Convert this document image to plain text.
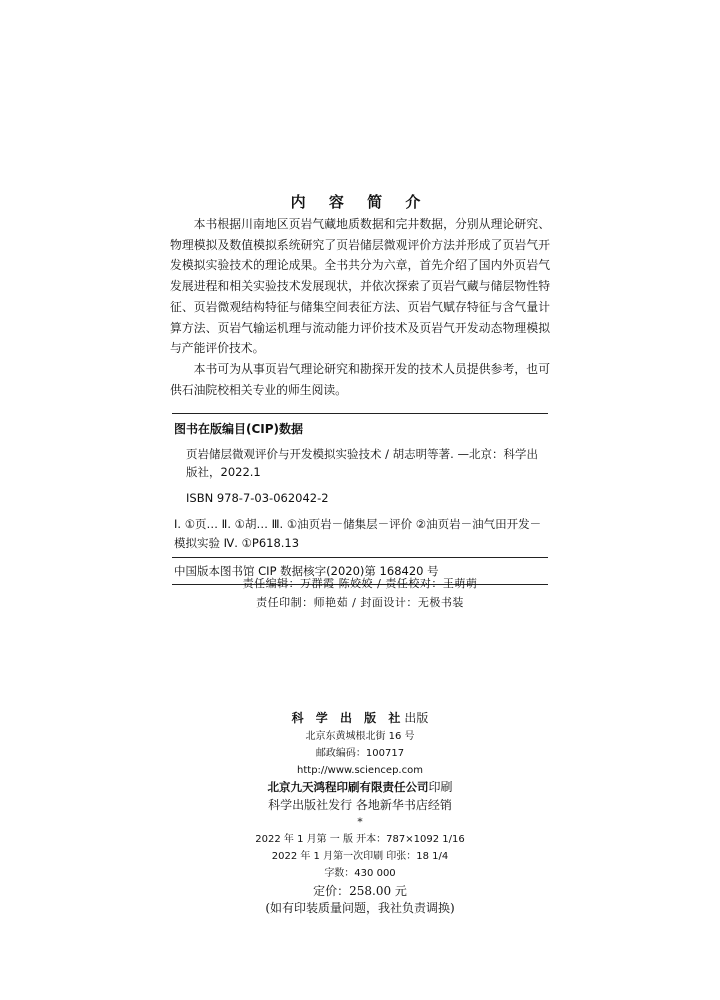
内 容 简 介

本书根据川南地区页岩气藏地质数据和完井数据，分别从理论研究、物理模拟及数值模拟系统研究了页岩储层微观评价方法并形成了页岩气开发模拟实验技术的理论成果。全书共分为六章，首先介绍了国内外页岩气发展进程和相关实验技术发展现状，并依次探索了页岩气藏与储层物性特征、页岩微观结构特征与储集空间表征方法、页岩气赋存特征与含气量计算方法、页岩气输运机理与流动能力评价技术及页岩气开发动态物理模拟与产能评价技术。

本书可为从事页岩气理论研究和勘探开发的技术人员提供参考，也可供石油院校相关专业的师生阅读。

图书在版编目(CIP)数据
页岩储层微观评价与开发模拟实验技术 / 胡志明等著. —北京：科学出版社，2022.1
ISBN 978-7-03-062042-2
Ⅰ. ①页… Ⅱ. ①胡… Ⅲ. ①油页岩－储集层－评价 ②油页岩－油气田开发－模拟实验 Ⅳ. ①P618.13
中国版本图书馆 CIP 数据核字(2020)第 168420 号
责任编辑：万群霞 陈姣姣 / 责任校对：王萌萌
责任印制：师艳茹 / 封面设计：无极书装
科 学 出 版 社出版
北京东黄城根北街 16 号
邮政编码：100717
http://www.sciencep.com
北京九天鸿程印刷有限责任公司印刷
科学出版社发行 各地新华书店经销
*
2022 年 1 月第 一 版 开本：787×1092 1/16
2022 年 1 月第一次印刷 印张：18 1/4
字数：430 000
定价：258.00 元
(如有印装质量问题，我社负责调换)
